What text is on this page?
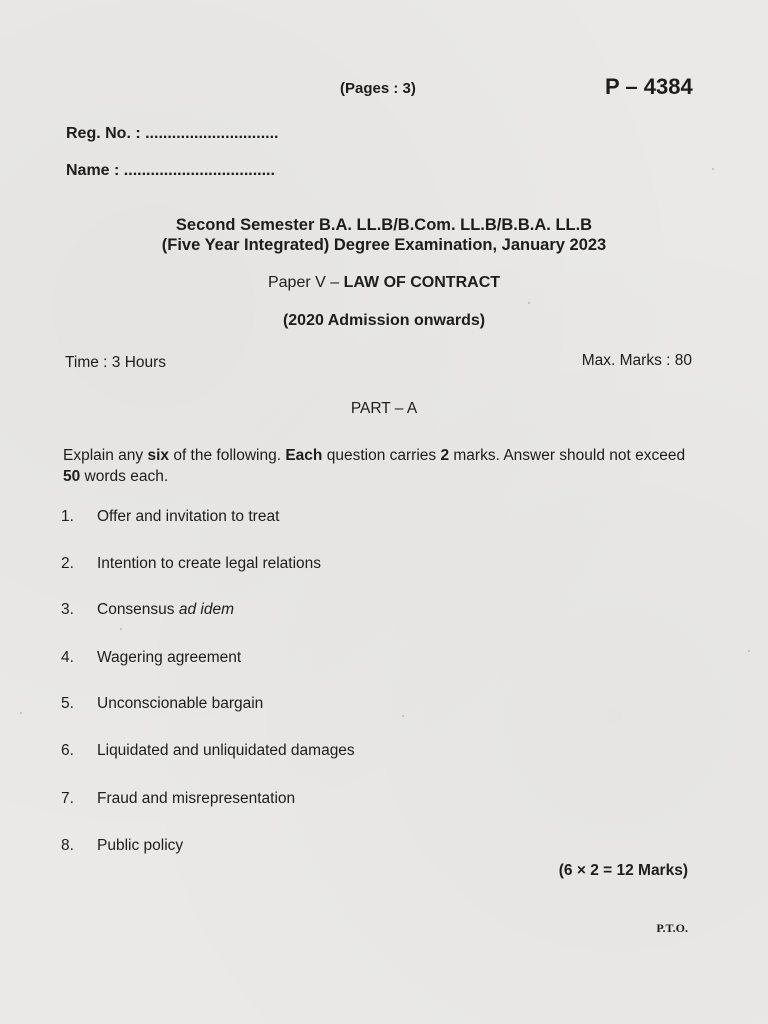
(Pages : 3)	P – 4384
Reg. No. : ..............................
Name : ..................................
Second Semester B.A. LL.B/B.Com. LL.B/B.B.A. LL.B
(Five Year Integrated) Degree Examination, January 2023
Paper V – LAW OF CONTRACT
(2020 Admission onwards)
Time : 3 Hours	Max. Marks : 80
PART – A
Explain any six of the following. Each question carries 2 marks. Answer should not exceed 50 words each.
1. Offer and invitation to treat
2. Intention to create legal relations
3. Consensus ad idem
4. Wagering agreement
5. Unconscionable bargain
6. Liquidated and unliquidated damages
7. Fraud and misrepresentation
8. Public policy
(6 × 2 = 12 Marks)
P.T.O.
